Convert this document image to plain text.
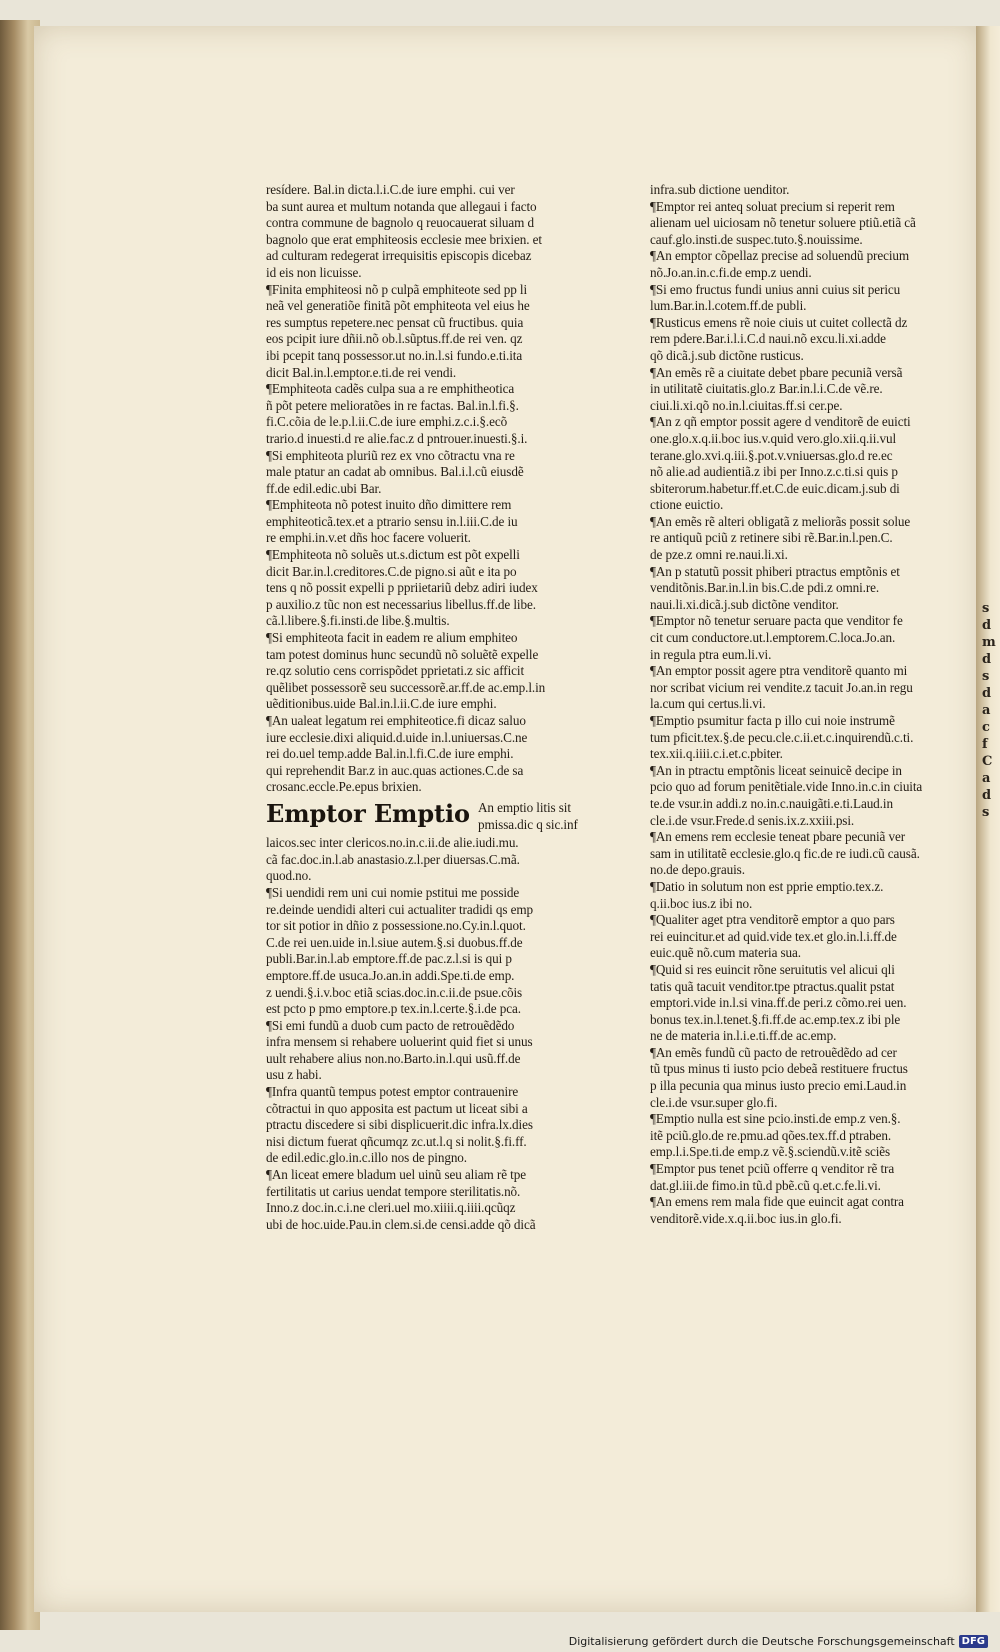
s
d
m
d
s
d
a
c
f
C
a
d
s
resídere. Bal.in dicta.l.i.C.de iure emphi. cui ver
ba sunt aurea et multum notanda que allegaui i facto
contra commune de bagnolo q reuocauerat siluam d
bagnolo que erat emphiteosis ecclesie mee brixien. et
ad culturam redegerat irrequisitis episcopis dicebaz
id eis non licuisse.
¶Finita emphiteosi nõ p culpã emphiteote sed pp li
neã vel generatiõe finitã põt emphiteota vel eius he
res sumptus repetere.nec pensat cũ fructibus. quia
eos pcipit iure dñii.nõ ob.l.sũptus.ff.de rei ven. qz
ibi pcepit tanq possessor.ut no.in.l.si fundo.e.ti.ita
dicit Bal.in.l.emptor.e.ti.de rei vendi.
¶Emphiteota cadẽs culpa sua a re emphitheotica
ñ põt petere melioratões in re factas. Bal.in.l.fi.§.
fi.C.cõia de le.p.l.ii.C.de iure emphi.z.c.i.§.ecõ
trario.d inuesti.d re alie.fac.z d pntrouer.inuesti.§.i.
¶Si emphiteota pluriũ rez ex vno cõtractu vna re
male ptatur an cadat ab omnibus. Bal.i.l.cũ eiusdẽ
ff.de edil.edic.ubi Bar.
¶Emphiteota nõ potest inuito dño dimittere rem
emphiteoticã.tex.et a ptrario sensu in.l.iii.C.de iu
re emphi.in.v.et dñs hoc facere voluerit.
¶Emphiteota nõ soluẽs ut.s.dictum est põt expelli
dicit Bar.in.l.creditores.C.de pigno.si aũt e ita po
tens q nõ possit expelli p ppriietariũ debz adiri iudex
p auxilio.z tũc non est necessarius libellus.ff.de libe.
cã.l.libere.§.fi.insti.de libe.§.multis.
¶Si emphiteota facit in eadem re alium emphiteo
tam potest dominus hunc secundũ nõ soluẽtẽ expelle
re.qz solutio cens corrispõdet pprietati.z sic afficit
quẽlibet possessorẽ seu successorẽ.ar.ff.de ac.emp.l.in
uẽditionibus.uide Bal.in.l.ii.C.de iure emphi.
¶An ualeat legatum rei emphiteotice.fi dicaz saluo
iure ecclesie.dixi aliquid.d.uide in.l.uniuersas.C.ne
rei do.uel temp.adde Bal.in.l.fi.C.de iure emphi.
qui reprehendit Bar.z in auc.quas actiones.C.de sa
crosanc.eccle.Pe.epus brixien.
Emptor Emptio An emptio litis sit
pmissa.dic q sic.inf
laicos.sec inter clericos.no.in.c.ii.de alie.iudi.mu.
cã fac.doc.in.l.ab anastasio.z.l.per diuersas.C.mã.
quod.no.
¶Si uendidi rem uni cui nomie pstitui me posside
re.deinde uendidi alteri cui actualiter tradidi qs emp
tor sit potior in dñio z possessione.no.Cy.in.l.quot.
C.de rei uen.uide in.l.siue autem.§.si duobus.ff.de
publi.Bar.in.l.ab emptore.ff.de pac.z.l.si is qui p
emptore.ff.de usuca.Jo.an.in addi.Spe.ti.de emp.
z uendi.§.i.v.boc etiã scias.doc.in.c.ii.de psue.cõis
est pcto p pmo emptore.p tex.in.l.certe.§.i.de pca.
¶Si emi fundũ a duob cum pacto de retrouẽdẽdo
infra mensem si rehabere uoluerint quid fiet si unus
uult rehabere alius non.no.Barto.in.l.qui usũ.ff.de
usu z habi.
¶Infra quantũ tempus potest emptor contrauenire
cõtractui in quo apposita est pactum ut liceat sibi a
ptractu discedere si sibi displicuerit.dic infra.lx.dies
nisi dictum fuerat qñcumqz zc.ut.l.q si nolit.§.fi.ff.
de edil.edic.glo.in.c.illo nos de pingno.
¶An liceat emere bladum uel uinũ seu aliam rẽ tpe
fertilitatis ut carius uendat tempore sterilitatis.nõ.
Inno.z doc.in.c.i.ne cleri.uel mo.xiiii.q.iiii.qcũqz
ubi de hoc.uide.Pau.in clem.si.de censi.adde qõ dicã
infra.sub dictione uenditor.
¶Emptor rei anteq soluat precium si reperit rem
alienam uel uiciosam nõ tenetur soluere ptiũ.etiã cã
cauf.glo.insti.de suspec.tuto.§.nouissime.
¶An emptor cõpellaz precise ad soluendũ precium
nõ.Jo.an.in.c.fi.de emp.z uendi.
¶Si emo fructus fundi unius anni cuius sit pericu
lum.Bar.in.l.cotem.ff.de publi.
¶Rusticus emens rẽ noie ciuis ut cuitet collectã dz
rem pdere.Bar.i.l.i.C.d naui.nõ excu.li.xi.adde
qõ dicã.j.sub dictõne rusticus.
¶An emẽs rẽ a ciuitate debet pbare pecuniã versã
in utilitatẽ ciuitatis.glo.z Bar.in.l.i.C.de vẽ.re.
ciui.li.xi.qõ no.in.l.ciuitas.ff.si cer.pe.
¶An z qñ emptor possit agere d venditorẽ de euicti
one.glo.x.q.ii.boc ius.v.quid vero.glo.xii.q.ii.vul
terane.glo.xvi.q.iii.§.pot.v.vniuersas.glo.d re.ec
nõ alie.ad audientiã.z ibi per Inno.z.c.ti.si quis p
sbiterorum.habetur.ff.et.C.de euic.dicam.j.sub di
ctione euictio.
¶An emẽs rẽ alteri obligatã z meliorãs possit solue
re antiquũ pciũ z retinere sibi rẽ.Bar.in.l.pen.C.
de pze.z omni re.naui.li.xi.
¶An p statutũ possit phiberi ptractus emptõnis et
venditõnis.Bar.in.l.in bis.C.de pdi.z omni.re.
naui.li.xi.dicã.j.sub dictõne venditor.
¶Emptor nõ tenetur seruare pacta que venditor fe
cit cum conductore.ut.l.emptorem.C.loca.Jo.an.
in regula ptra eum.li.vi.
¶An emptor possit agere ptra venditorẽ quanto mi
nor scribat vicium rei vendite.z tacuit Jo.an.in regu
la.cum qui certus.li.vi.
¶Emptio psumitur facta p illo cui noie instrumẽ
tum pficit.tex.§.de pecu.cle.c.ii.et.c.inquirendũ.c.ti.
tex.xii.q.iiii.c.i.et.c.pbiter.
¶An in ptractu emptõnis liceat seinuicẽ decipe in
pcio quo ad forum penitẽtiale.vide Inno.in.c.in ciuita
te.de vsur.in addi.z no.in.c.nauigãti.e.ti.Laud.in
cle.i.de vsur.Frede.d senis.ix.z.xxiii.psi.
¶An emens rem ecclesie teneat pbare pecuniã ver
sam in utilitatẽ ecclesie.glo.q fic.de re iudi.cũ causã.
no.de depo.grauis.
¶Datio in solutum non est pprie emptio.tex.z.
q.ii.boc ius.z ibi no.
¶Qualiter aget ptra venditorẽ emptor a quo pars
rei euincitur.et ad quid.vide tex.et glo.in.l.i.ff.de
euic.quẽ nõ.cum materia sua.
¶Quid si res euincit rõne seruitutis vel alicui qli
tatis quã tacuit venditor.tpe ptractus.qualit pstat
emptori.vide in.l.si vina.ff.de peri.z cõmo.rei uen.
bonus tex.in.l.tenet.§.fi.ff.de ac.emp.tex.z ibi ple
ne de materia in.l.i.e.ti.ff.de ac.emp.
¶An emẽs fundũ cũ pacto de retrouẽdẽdo ad cer
tũ tpus minus ti iusto pcio debeã restituere fructus
p illa pecunia qua minus iusto precio emi.Laud.in
cle.i.de vsur.super glo.fi.
¶Emptio nulla est sine pcio.insti.de emp.z ven.§.
itẽ pciũ.glo.de re.pmu.ad qões.tex.ff.d ptraben.
emp.l.i.Spe.ti.de emp.z vẽ.§.sciendũ.v.itẽ sciẽs
¶Emptor pus tenet pciũ offerre q venditor rẽ tra
dat.gl.iii.de fimo.in tũ.d pbẽ.cũ q.et.c.fe.li.vi.
¶An emens rem mala fide que euincit agat contra
venditorẽ.vide.x.q.ii.boc ius.in glo.fi.
Digitalisierung gefördert durch die Deutsche Forschungsgemeinschaft DFG
